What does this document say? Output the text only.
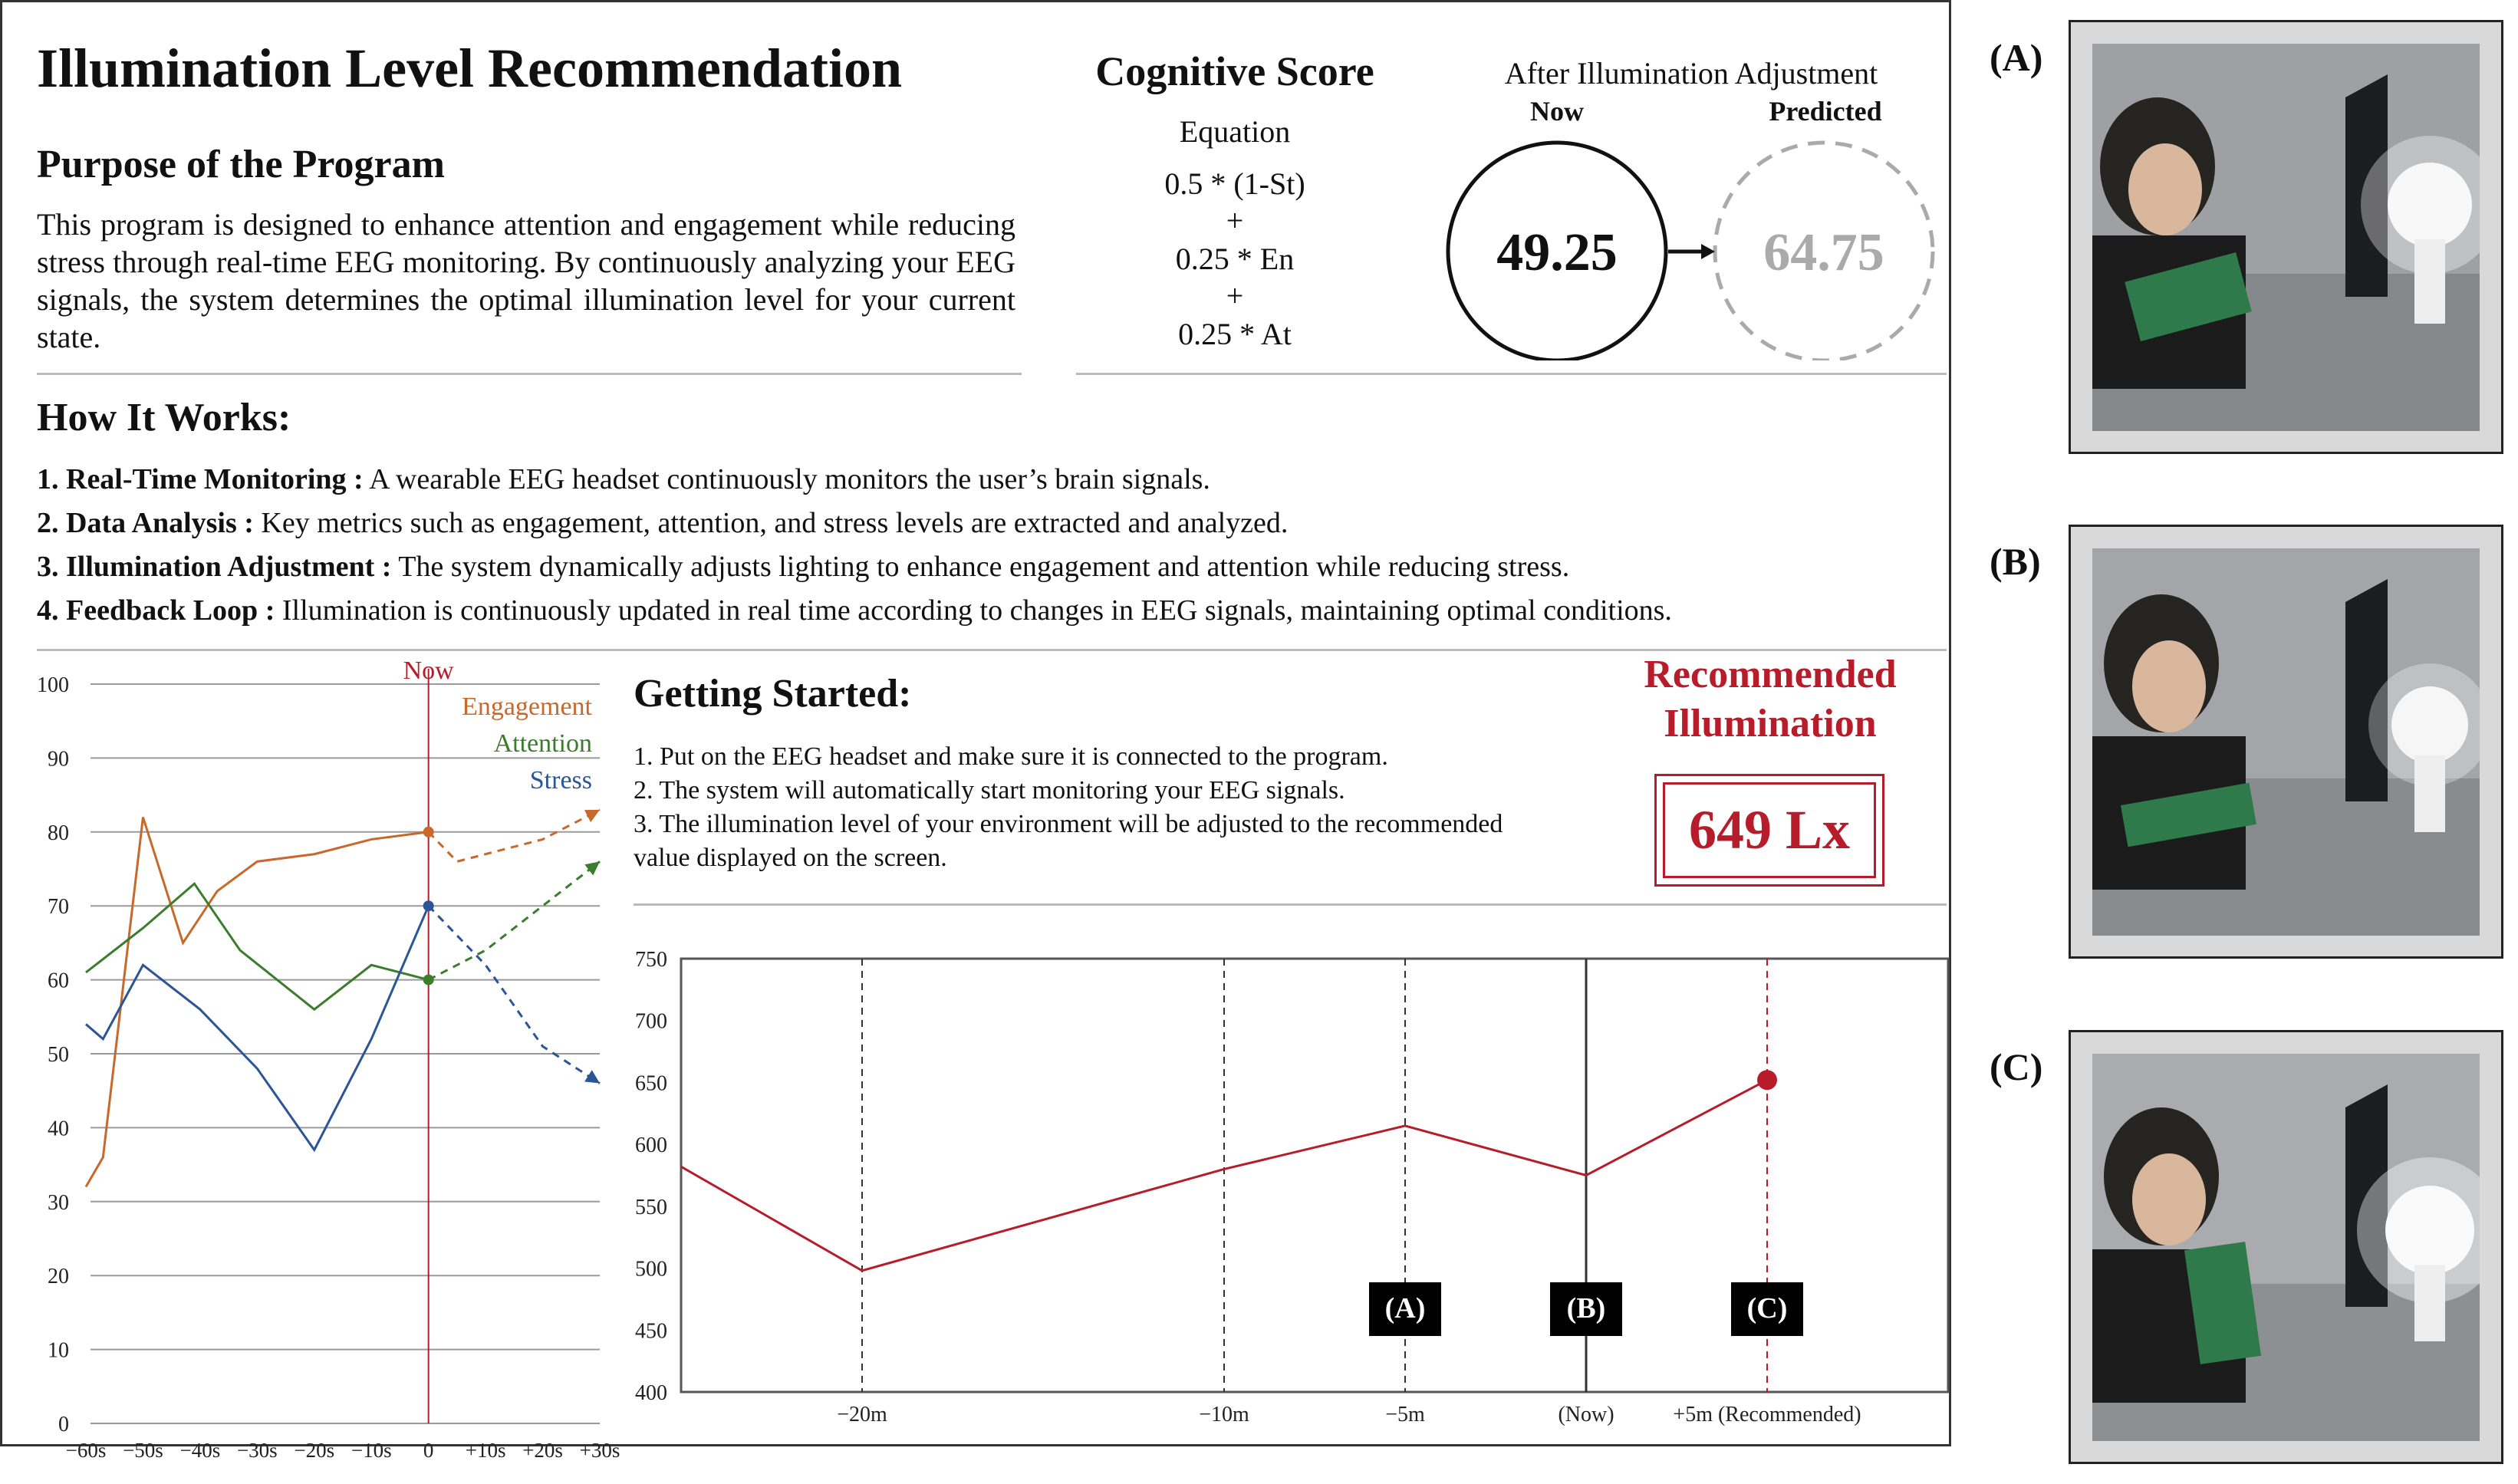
Illumination Level Recommendation
Purpose of the Program
This program is designed to enhance attention and engagement while reducing stress through real-time EEG monitoring. By continuously analyzing your EEG signals, the system determines the optimal illumination level for your current state.
Cognitive Score
Equation
0.5 * (1-St)
+
0.25 * En
+
0.25 * At
After Illumination Adjustment
Now	Predicted
49.25	64.75
How It Works:
1. Real-Time Monitoring : A wearable EEG headset continuously monitors the user’s brain signals.
2. Data Analysis : Key metrics such as engagement, attention, and stress levels are extracted and analyzed.
3. Illumination Adjustment : The system dynamically adjusts lighting to enhance engagement and attention while reducing stress.
4. Feedback Loop : Illumination is continuously updated in real time according to changes in EEG signals, maintaining optimal conditions.
0
10
20
30
40
50
60
70
80
90
100
−60s −50s −40s −30s −20s −10s 0 +10s +20s +30s
Now
Engagement
Attention
Stress
Getting Started:
1. Put on the EEG headset and make sure it is connected to the program.
2. The system will automatically start monitoring your EEG signals.
3. The illumination level of your environment will be adjusted to the recommended
value displayed on the screen.
Recommended
Illumination
649 Lx
400
450
500
550
600
650
700
750
−20m	−10m	−5m	(Now)	+5m (Recommended)
(A)	(B)	(C)
(A)
(B)
(C)
